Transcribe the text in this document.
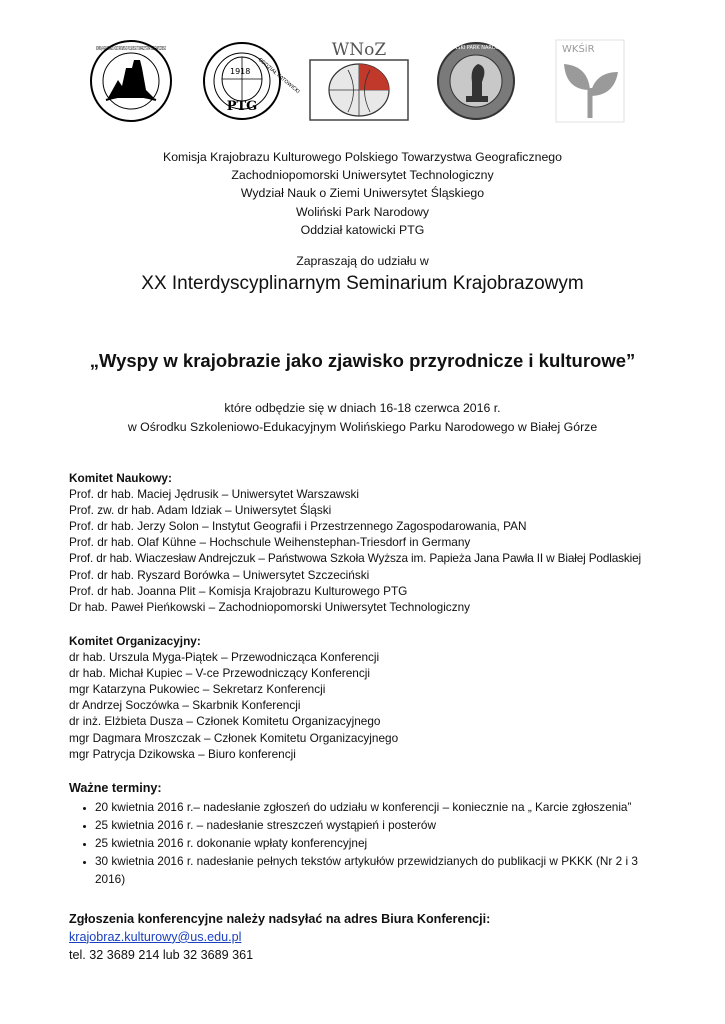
KOMISJA KRAJOBRAZU KULTUROWEGO POLSKIEGO TOWARZYSTWA GEOGRAFICZNEGO
1918
PTG
ODDZIAŁ KATOWICKI
WNoZ	WOLIŃSKI PARK NARODOWY	WKŚiR
Komisja Krajobrazu Kulturowego Polskiego Towarzystwa Geograficznego
Zachodniopomorski Uniwersytet Technologiczny
Wydział Nauk o Ziemi Uniwersytet Śląskiego
Woliński Park Narodowy
Oddział katowicki PTG
Zapraszają do udziału w
XX Interdyscyplinarnym Seminarium Krajobrazowym
„Wyspy w krajobrazie jako zjawisko przyrodnicze i kulturowe”
które odbędzie się w dniach 16-18 czerwca 2016 r.
w Ośrodku Szkoleniowo-Edukacyjnym Wolińskiego Parku Narodowego w Białej Górze
Komitet Naukowy:
Prof. dr hab. Maciej Jędrusik – Uniwersytet Warszawski
Prof. zw. dr hab. Adam Idziak – Uniwersytet Śląski
Prof. dr hab. Jerzy Solon – Instytut Geografii i Przestrzennego Zagospodarowania, PAN
Prof. dr hab. Olaf Kühne – Hochschule Weihenstephan-Triesdorf in Germany
Prof. dr hab. Wiaczesław Andrejczuk – Państwowa Szkoła Wyższa im. Papieża Jana Pawła II w Białej Podlaskiej
Prof. dr hab. Ryszard Borówka – Uniwersytet Szczeciński
Prof. dr hab. Joanna Plit – Komisja Krajobrazu Kulturowego PTG
Dr hab. Paweł Pieńkowski – Zachodniopomorski Uniwersytet Technologiczny
Komitet Organizacyjny:
dr hab. Urszula Myga-Piątek – Przewodnicząca Konferencji
dr hab. Michał Kupiec – V-ce Przewodniczący Konferencji
mgr Katarzyna Pukowiec – Sekretarz Konferencji
dr Andrzej Soczówka – Skarbnik Konferencji
dr inż. Elżbieta Dusza – Członek Komitetu Organizacyjnego
mgr Dagmara Mroszczak – Członek Komitetu Organizacyjnego
mgr Patrycja Dzikowska – Biuro konferencji
Ważne terminy:
• 20 kwietnia 2016 r.– nadesłanie zgłoszeń do udziału w konferencji – koniecznie na „ Karcie zgłoszenia”
• 25 kwietnia 2016 r. – nadesłanie streszczeń wystąpień i posterów
• 25 kwietnia 2016 r. dokonanie wpłaty konferencyjnej
• 30 kwietnia 2016 r. nadesłanie pełnych tekstów artykułów przewidzianych do publikacji w PKKK (Nr 2 i 3 2016)
Zgłoszenia konferencyjne należy nadsyłać na adres Biura Konferencji:
krajobraz.kulturowy@us.edu.pl
tel. 32 3689 214 lub 32 3689 361
